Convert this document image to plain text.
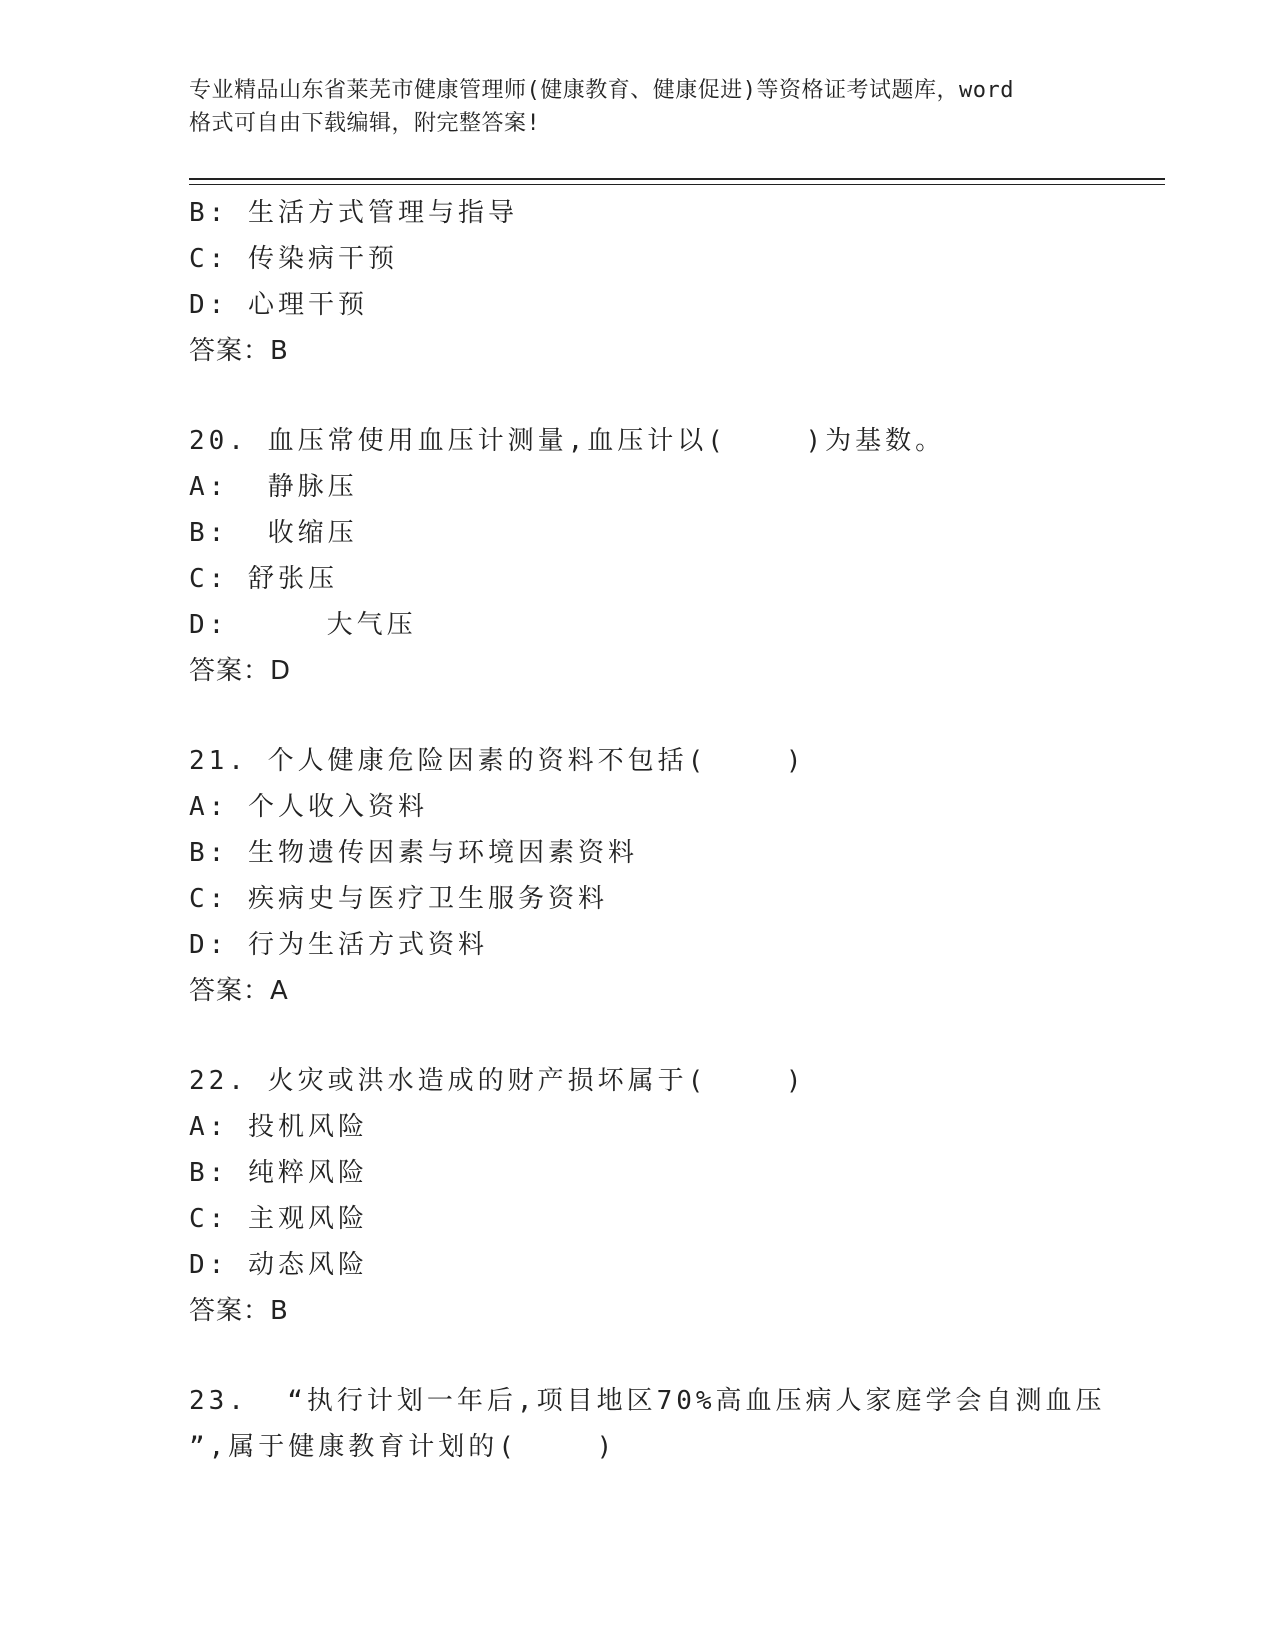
专业精品山东省莱芜市健康管理师(健康教育、健康促进)等资格证考试题库，word
格式可自由下载编辑，附完整答案!
B: 生活方式管理与指导
C: 传染病干预
D: 心理干预
答案：B
20. 血压常使用血压计测量,血压计以(    )为基数。
A:  静脉压
B:  收缩压
C: 舒张压
D:     大气压
答案：D
21. 个人健康危险因素的资料不包括(    )
A: 个人收入资料
B: 生物遗传因素与环境因素资料
C: 疾病史与医疗卫生服务资料
D: 行为生活方式资料
答案：A
22. 火灾或洪水造成的财产损坏属于(    )
A: 投机风险
B: 纯粹风险
C: 主观风险
D: 动态风险
答案：B
23.  “执行计划一年后,项目地区70%高血压病人家庭学会自测血压
”,属于健康教育计划的(    )
